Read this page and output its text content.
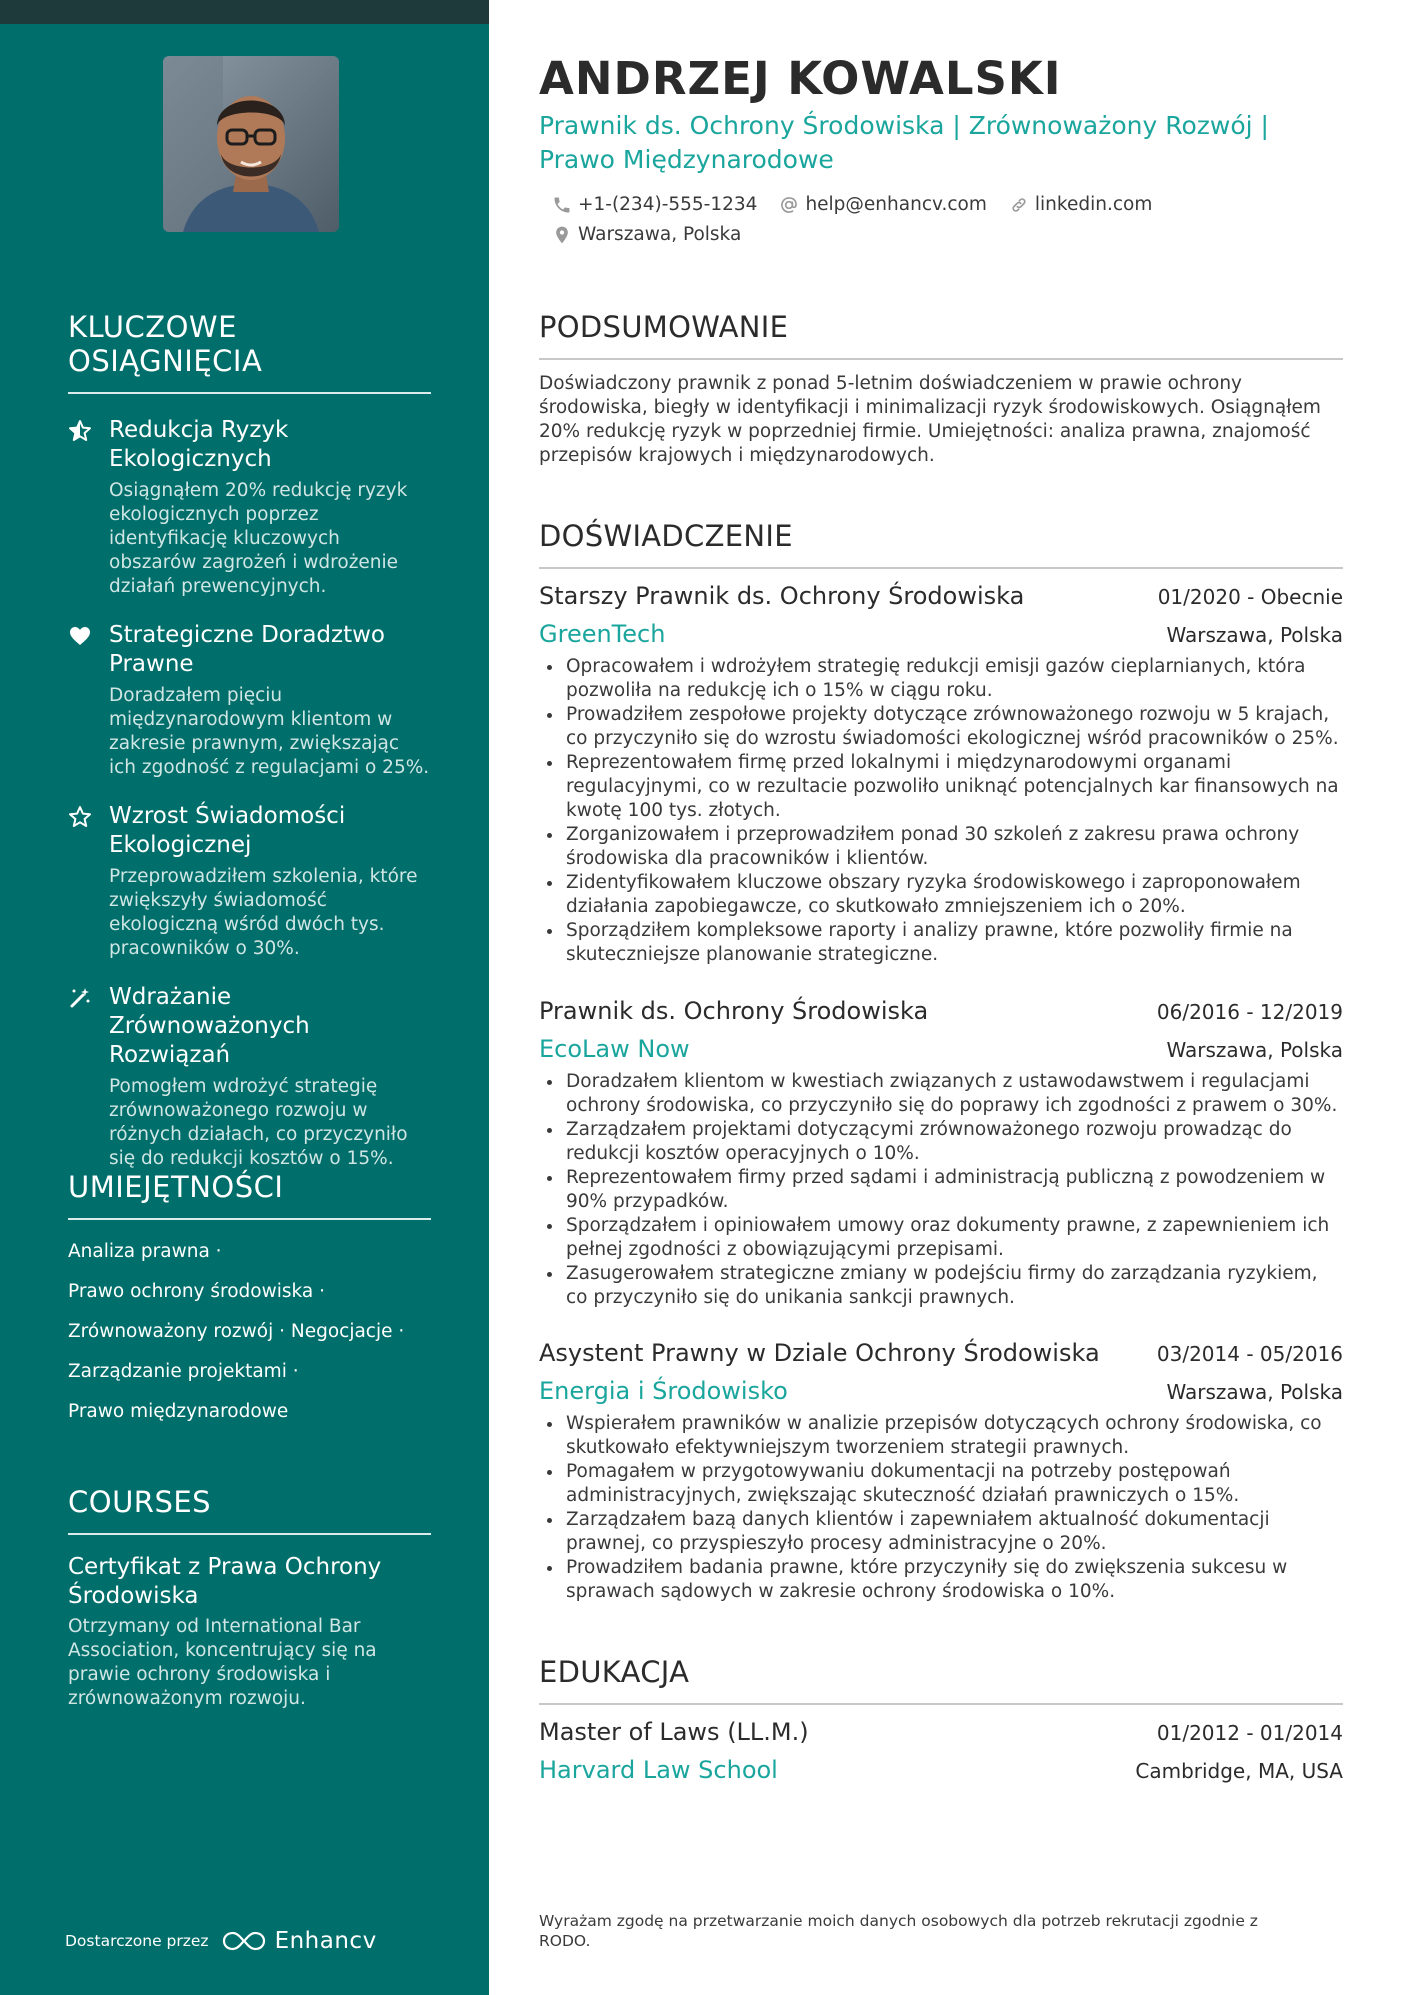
KLUCZOWE OSIĄGNIĘCIA
Redukcja Ryzyk Ekologicznych
Osiągnąłem 20% redukcję ryzyk ekologicznych poprzez identyfikację kluczowych obszarów zagrożeń i wdrożenie działań prewencyjnych.
Strategiczne Doradztwo Prawne
Doradzałem pięciu międzynarodowym klientom w zakresie prawnym, zwiększając ich zgodność z regulacjami o 25%.
Wzrost Świadomości Ekologicznej
Przeprowadziłem szkolenia, które zwiększyły świadomość ekologiczną wśród dwóch tys. pracowników o 30%.
Wdrażanie Zrównoważonych Rozwiązań
Pomogłem wdrożyć strategię zrównoważonego rozwoju w różnych działach, co przyczyniło się do redukcji kosztów o 15%.
UMIEJĘTNOŚCI
Analiza prawna ·
Prawo ochrony środowiska ·
Zrównoważony rozwój · Negocjacje ·
Zarządzanie projektami ·
Prawo międzynarodowe
COURSES
Certyfikat z Prawa Ochrony Środowiska
Otrzymany od International Bar Association, koncentrujący się na prawie ochrony środowiska i zrównoważonym rozwoju.
Dostarczone przez	Enhancv
ANDRZEJ KOWALSKI
Prawnik ds. Ochrony Środowiska | Zrównoważony Rozwój | Prawo Międzynarodowe
+1-(234)-555-1234	help@enhancv.com	linkedin.com
Warszawa, Polska
PODSUMOWANIE

Doświadczony prawnik z ponad 5-letnim doświadczeniem w prawie ochrony środowiska, biegły w identyfikacji i minimalizacji ryzyk środowiskowych. Osiągnąłem 20% redukcję ryzyk w poprzedniej firmie. Umiejętności: analiza prawna, znajomość przepisów krajowych i międzynarodowych.

DOŚWIADCZENIE
Starszy Prawnik ds. Ochrony Środowiska	01/2020 - Obecnie
GreenTech	Warszawa, Polska
Opracowałem i wdrożyłem strategię redukcji emisji gazów cieplarnianych, która pozwoliła na redukcję ich o 15% w ciągu roku.
Prowadziłem zespołowe projekty dotyczące zrównoważonego rozwoju w 5 krajach, co przyczyniło się do wzrostu świadomości ekologicznej wśród pracowników o 25%.
Reprezentowałem firmę przed lokalnymi i międzynarodowymi organami regulacyjnymi, co w rezultacie pozwoliło uniknąć potencjalnych kar finansowych na kwotę 100 tys. złotych.
Zorganizowałem i przeprowadziłem ponad 30 szkoleń z zakresu prawa ochrony środowiska dla pracowników i klientów.
Zidentyfikowałem kluczowe obszary ryzyka środowiskowego i zaproponowałem działania zapobiegawcze, co skutkowało zmniejszeniem ich o 20%.
Sporządziłem kompleksowe raporty i analizy prawne, które pozwoliły firmie na skuteczniejsze planowanie strategiczne.
Prawnik ds. Ochrony Środowiska	06/2016 - 12/2019
EcoLaw Now	Warszawa, Polska
Doradzałem klientom w kwestiach związanych z ustawodawstwem i regulacjami ochrony środowiska, co przyczyniło się do poprawy ich zgodności z prawem o 30%.
Zarządzałem projektami dotyczącymi zrównoważonego rozwoju prowadząc do redukcji kosztów operacyjnych o 10%.
Reprezentowałem firmy przed sądami i administracją publiczną z powodzeniem w 90% przypadków.
Sporządzałem i opiniowałem umowy oraz dokumenty prawne, z zapewnieniem ich pełnej zgodności z obowiązującymi przepisami.
Zasugerowałem strategiczne zmiany w podejściu firmy do zarządzania ryzykiem, co przyczyniło się do unikania sankcji prawnych.
Asystent Prawny w Dziale Ochrony Środowiska	03/2014 - 05/2016
Energia i Środowisko	Warszawa, Polska
Wspierałem prawników w analizie przepisów dotyczących ochrony środowiska, co skutkowało efektywniejszym tworzeniem strategii prawnych.
Pomagałem w przygotowywaniu dokumentacji na potrzeby postępowań administracyjnych, zwiększając skuteczność działań prawniczych o 15%.
Zarządzałem bazą danych klientów i zapewniałem aktualność dokumentacji prawnej, co przyspieszyło procesy administracyjne o 20%.
Prowadziłem badania prawne, które przyczyniły się do zwiększenia sukcesu w sprawach sądowych w zakresie ochrony środowiska o 10%.
EDUKACJA
Master of Laws (LL.M.)	01/2012 - 01/2014
Harvard Law School	Cambridge, MA, USA

Wyrażam zgodę na przetwarzanie moich danych osobowych dla potrzeb rekrutacji zgodnie z RODO.
